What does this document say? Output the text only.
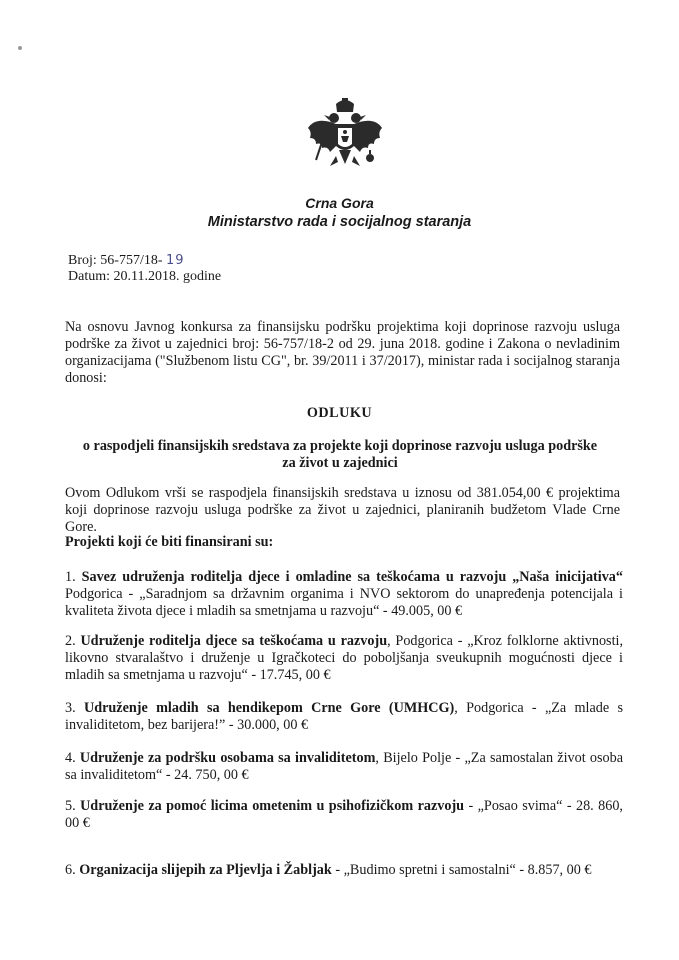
Crna Gora
Ministarstvo rada i socijalnog staranja
Broj: 56-757/18- 19
Datum: 20.11.2018. godine
Na osnovu Javnog konkursa za finansijsku podršku projektima koji doprinose razvoju usluga podrške za život u zajednici broj: 56-757/18-2 od 29. juna 2018. godine i Zakona o nevladinim organizacijama ("Službenom listu CG", br. 39/2011 i 37/2017), ministar rada i socijalnog staranja donosi:
ODLUKU
o raspodjeli finansijskih sredstava za projekte koji doprinose razvoju usluga podrške za život u zajednici
Ovom Odlukom vrši se raspodjela finansijskih sredstava u iznosu od 381.054,00 € projektima koji doprinose razvoju usluga podrške za život u zajednici, planiranih budžetom Vlade Crne Gore.
Projekti koji će biti finansirani su:
1. Savez udruženja roditelja djece i omladine sa teškoćama u razvoju „Naša inicijativa“ Podgorica - „Saradnjom sa državnim organima i NVO sektorom do unapređenja potencijala i kvaliteta života djece i mladih sa smetnjama u razvoju“ - 49.005, 00 €
2. Udruženje roditelja djece sa teškoćama u razvoju, Podgorica - „Kroz folklorne aktivnosti, likovno stvaralaštvo i druženje u Igračkoteci do poboljšanja sveukupnih mogućnosti djece i mladih sa smetnjama u razvoju“ - 17.745, 00 €
3. Udruženje mladih sa hendikepom Crne Gore (UMHCG), Podgorica - „Za mlade s invaliditetom, bez barijera!” - 30.000, 00 €
4. Udruženje za podršku osobama sa invaliditetom, Bijelo Polje - „Za samostalan život osoba sa invaliditetom“ - 24. 750, 00 €
5. Udruženje za pomoć licima ometenim u psihofizičkom razvoju - „Posao svima“ - 28. 860, 00 €
6. Organizacija slijepih za Pljevlja i Žabljak - „Budimo spretni i samostalni“ - 8.857, 00 €
